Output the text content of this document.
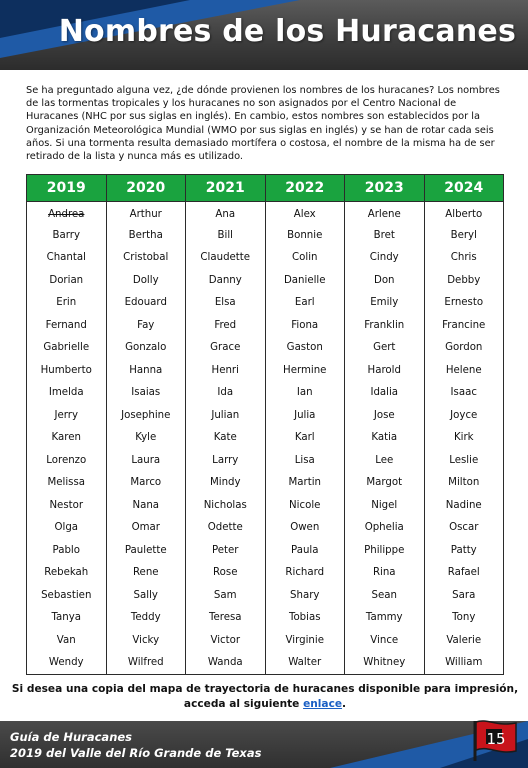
Nombres de los Huracanes

Se ha preguntado alguna vez, ¿de dónde provienen los nombres de los huracanes? Los nombres de las tormentas tropicales y los huracanes no son asignados por el Centro Nacional de Huracanes (NHC por sus siglas en inglés). En cambio, estos nombres son establecidos por la Organización Meteorológica Mundial (WMO por sus siglas en inglés) y se han de rotar cada seis años. Si una tormenta resulta demasiado mortífera o costosa, el nombre de la misma ha de ser retirado de la lista y nunca más es utilizado.

2019	2020	2021	2022	2023	2024
Andrea	Arthur	Ana	Alex	Arlene	Alberto
Barry	Bertha	Bill	Bonnie	Bret	Beryl
Chantal	Cristobal	Claudette	Colin	Cindy	Chris
Dorian	Dolly	Danny	Danielle	Don	Debby
Erin	Edouard	Elsa	Earl	Emily	Ernesto
Fernand	Fay	Fred	Fiona	Franklin	Francine
Gabrielle	Gonzalo	Grace	Gaston	Gert	Gordon
Humberto	Hanna	Henri	Hermine	Harold	Helene
Imelda	Isaias	Ida	Ian	Idalia	Isaac
Jerry	Josephine	Julian	Julia	Jose	Joyce
Karen	Kyle	Kate	Karl	Katia	Kirk
Lorenzo	Laura	Larry	Lisa	Lee	Leslie
Melissa	Marco	Mindy	Martin	Margot	Milton
Nestor	Nana	Nicholas	Nicole	Nigel	Nadine
Olga	Omar	Odette	Owen	Ophelia	Oscar
Pablo	Paulette	Peter	Paula	Philippe	Patty
Rebekah	Rene	Rose	Richard	Rina	Rafael
Sebastien	Sally	Sam	Shary	Sean	Sara
Tanya	Teddy	Teresa	Tobias	Tammy	Tony
Van	Vicky	Victor	Virginie	Vince	Valerie
Wendy	Wilfred	Wanda	Walter	Whitney	William
Si desea una copia del mapa de trayectoria de huracanes disponible para impresión, acceda al siguiente enlace.
Guía de Huracanes
2019 del Valle del Río Grande de Texas
15
